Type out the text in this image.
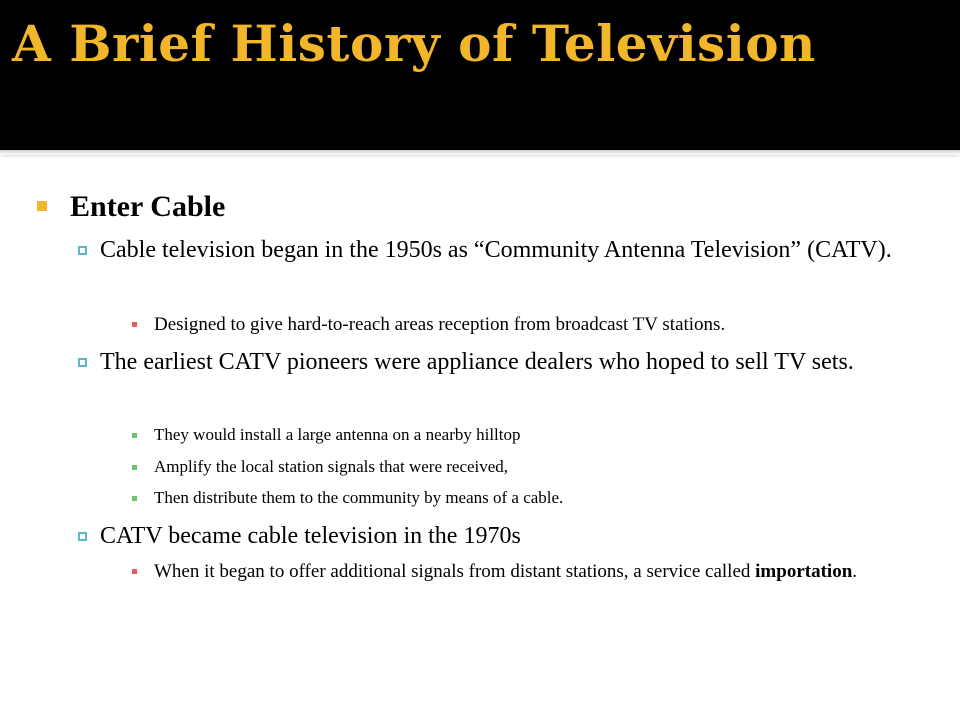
A Brief History of Television
Enter Cable
Cable television began in the 1950s as “Community Antenna Television” (CATV).
Designed to give hard-to-reach areas reception from broadcast TV stations.
The earliest CATV pioneers were appliance dealers who hoped to sell TV sets.
They would install a large antenna on a nearby hilltop
Amplify the local station signals that were received,
Then distribute them to the community by means of a cable.
CATV became cable television in the 1970s
When it began to offer additional signals from distant stations, a service called importation.
